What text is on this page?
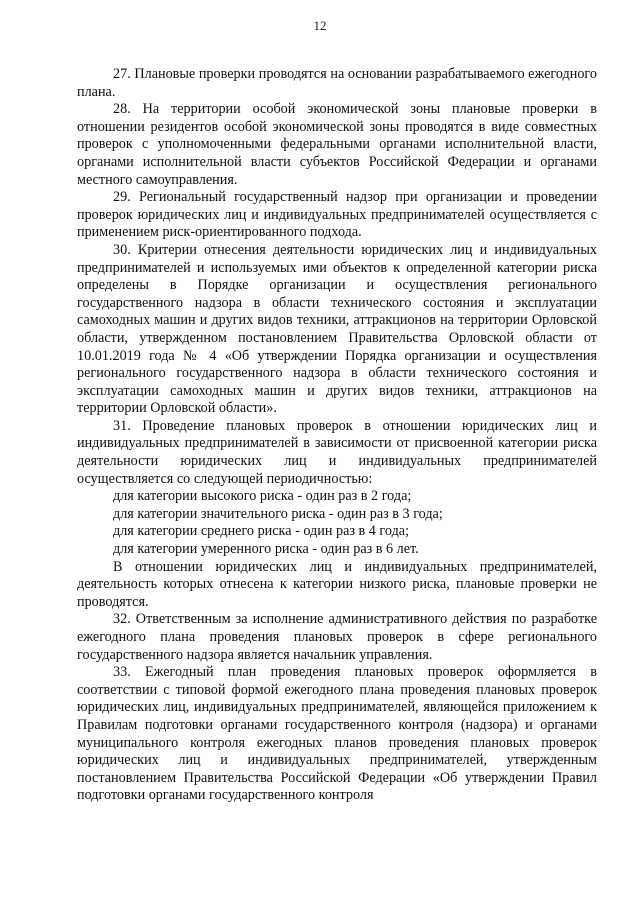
12

27. Плановые проверки проводятся на основании разрабатываемого ежегодного плана.

28. На территории особой экономической зоны плановые проверки в отношении резидентов особой экономической зоны проводятся в виде совместных проверок с уполномоченными федеральными органами исполнительной власти, органами исполнительной власти субъектов Российской Федерации и органами местного самоуправления.

29. Региональный государственный надзор при организации и проведении проверок юридических лиц и индивидуальных предпринимателей осуществляется с применением риск-ориентированного подхода.

30. Критерии отнесения деятельности юридических лиц и индивидуальных предпринимателей и используемых ими объектов к определенной категории риска определены в Порядке организации и осуществления регионального государственного надзора в области технического состояния и эксплуатации самоходных машин и других видов техники, аттракционов на территории Орловской области, утвержденном постановлением Правительства Орловской области от 10.01.2019 года № 4 «Об утверждении Порядка организации и осуществления регионального государственного надзора в области технического состояния и эксплуатации самоходных машин и других видов техники, аттракционов на территории Орловской области».

31. Проведение плановых проверок в отношении юридических лиц и индивидуальных предпринимателей в зависимости от присвоенной категории риска деятельности юридических лиц и индивидуальных предпринимателей осуществляется со следующей периодичностью:

для категории высокого риска - один раз в 2 года;

для категории значительного риска - один раз в 3 года;

для категории среднего риска - один раз в 4 года;

для категории умеренного риска - один раз в 6 лет.

В отношении юридических лиц и индивидуальных предпринимателей, деятельность которых отнесена к категории низкого риска, плановые проверки не проводятся.

32. Ответственным за исполнение административного действия по разработке ежегодного плана проведения плановых проверок в сфере регионального государственного надзора является начальник управления.

33. Ежегодный план проведения плановых проверок оформляется в соответствии с типовой формой ежегодного плана проведения плановых проверок юридических лиц, индивидуальных предпринимателей, являющейся приложением к Правилам подготовки органами государственного контроля (надзора) и органами муниципального контроля ежегодных планов проведения плановых проверок юридических лиц и индивидуальных предпринимателей, утвержденным постановлением Правительства Российской Федерации «Об утверждении Правил подготовки органами государственного контроля
